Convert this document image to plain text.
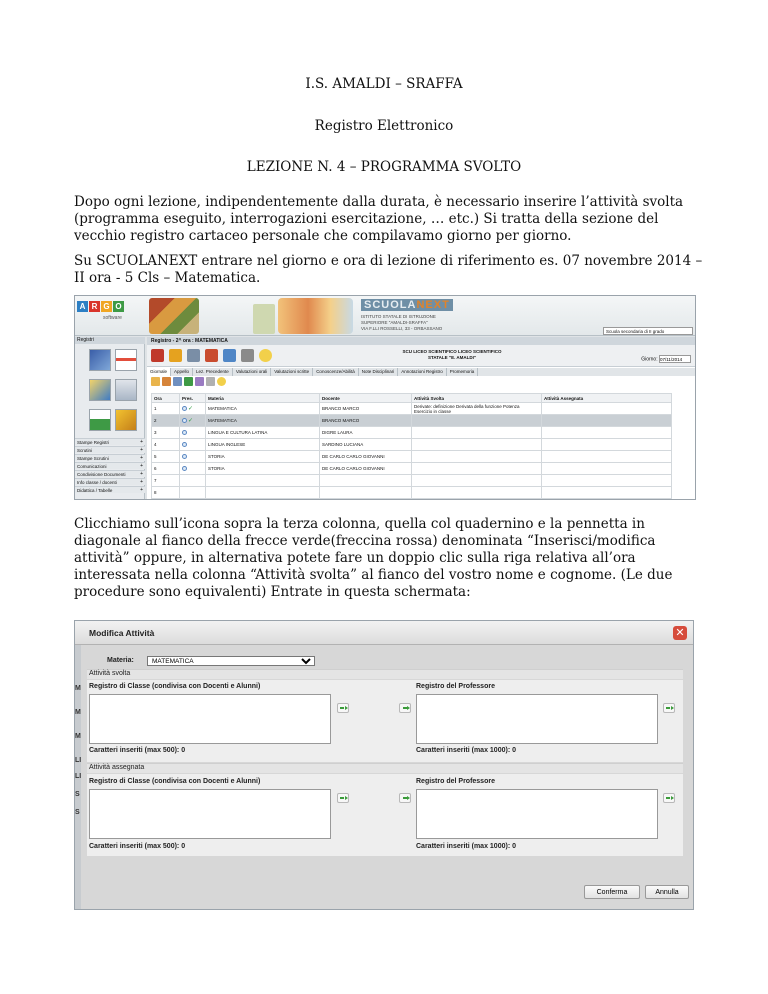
I.S. AMALDI – SRAFFA
Registro Elettronico
LEZIONE N. 4 – PROGRAMMA SVOLTO
Dopo ogni lezione, indipendentemente dalla durata, è necessario inserire l’attività svolta (programma eseguito, interrogazioni esercitazione, … etc.) Si tratta della sezione del vecchio registro cartaceo personale che compilavamo giorno per giorno.
Su SCUOLANEXT entrare nel giorno e ora di lezione di riferimento es. 07 novembre 2014 – II ora - 5 Cls – Matematica.
A R G O
software
SCUOLANEXT
ISTITUTO STATALE DI ISTRUZIONE
SUPERIORE "AMALDI-SRAFFA"
VIA F.LLI ROSSELLI, 33 - ORBASSANO
Scuola secondaria di II grado
Registri
Stampe Registri +
Scrutini +
Stampe Scrutini +
Comunicazioni +
Condivisione Documenti +
Info classe / docenti +
Didattica / Tabelle +
Registro - 2^ ora : MATEMATICA
SCU LICEO SCIENTIFICO LICEO SCIENTIFICO
STATALE "E. AMALDI"	Giorno: 07/11/2014
Giornale	Appello	Lez. Precedente	Valutazioni orali	Valutazioni scritte	Conoscenze/Abilità	Note Disciplinari	Annotazioni Registro	Promemoria
Ora	Pres.	Materia	Docente	Attività Svolta	Attività Assegnata
1	✓	MATEMATICA	BRANCO MARCO	Derivate: definizione Derivata della funzione Potenza Esercizio in classe	
2	✓	MATEMATICA	BRANCO MARCO		
3		LINGUA E CULTURA LATINA	DIGRE LAURA		
4		LINGUA INGLESE	SARDINO LUCIANA		
5		STORIA	DE CARLO CARLO GIOVANNI		
6		STORIA	DE CARLO CARLO GIOVANNI		
7					
8					
Clicchiamo sull’icona sopra la terza colonna, quella col quadernino e la pennetta in diagonale al fianco della frecce verde(freccina rossa) denominata “Inserisci/modifica attività” oppure, in alternativa potete fare un doppio clic sulla riga relativa all’ora interessata nella colonna “Attività svolta” al fianco del vostro nome e cognome. (Le due procedure sono equivalenti) Entrate in questa schermata:
Modifica Attività	✕
M
M
M
LI
LI
S
S
Materia:
MATEMATICA
Attività svolta
Registro di Classe (condivisa con Docenti e Alunni)	Registro del Professore
Caratteri inseriti (max 500): 0	Caratteri inseriti (max 1000): 0
Attività assegnata
Registro di Classe (condivisa con Docenti e Alunni)	Registro del Professore
Caratteri inseriti (max 500): 0	Caratteri inseriti (max 1000): 0
Conferma	Annulla
